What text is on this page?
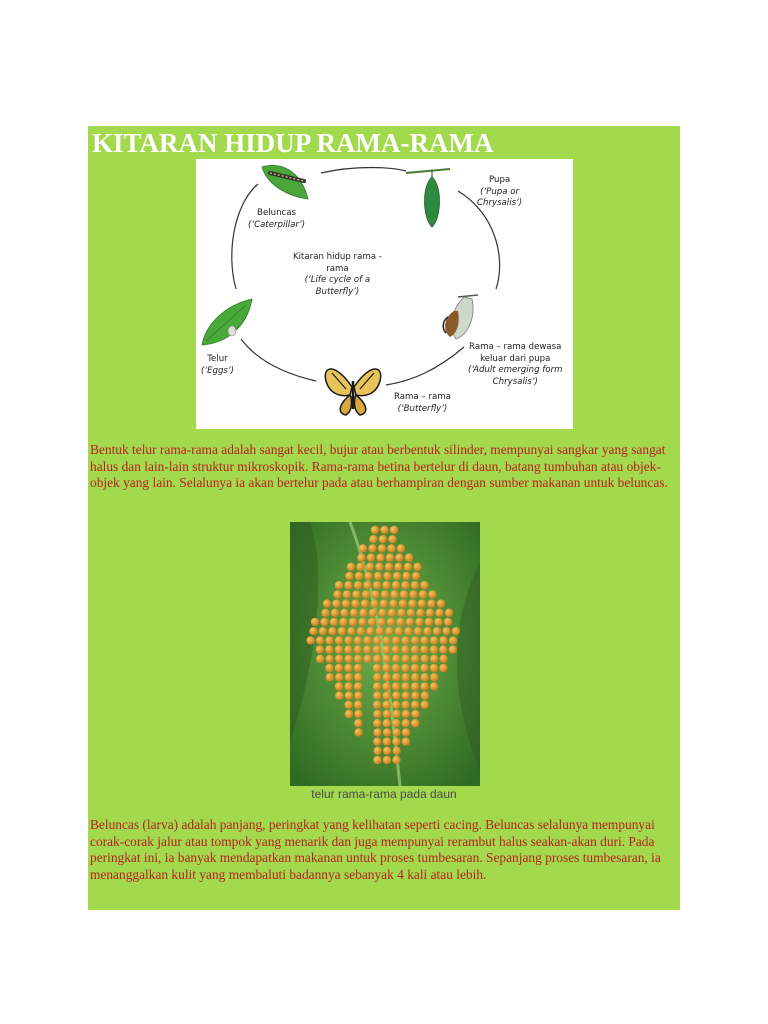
KITARAN HIDUP RAMA-RAMA
Beluncas
(‘Caterpillar’)
Pupa
(‘Pupa or
Chrysalis’)
Kitaran hidup rama -
rama
(‘Life cycle of a
Butterfly’)
Rama – rama dewasa
keluar dari pupa
(‘Adult emerging form
Chrysalis’)
Telur
(‘Eggs’)
Rama – rama
(‘Butterfly’)

Bentuk telur rama-rama adalah sangat kecil, bujur atau berbentuk silinder, mempunyai sangkar yang sangat halus dan lain-lain struktur mikroskopik. Rama-rama betina bertelur di daun, batang tumbuhan atau objek-objek yang lain. Selalunya ia akan bertelur pada atau berhampiran dengan sumber makanan untuk beluncas.

telur rama-rama pada daun

Beluncas (larva) adalah panjang, peringkat yang kelihatan seperti cacing. Beluncas selalunya mempunyai corak-corak jalur atau tompok yang menarik dan juga mempunyai rerambut halus seakan-akan duri. Pada peringkat ini, ia banyak mendapatkan makanan untuk proses tumbesaran. Sepanjang proses tumbesaran, ia menanggalkan kulit yang membaluti badannya sebanyak 4 kali atau lebih.
